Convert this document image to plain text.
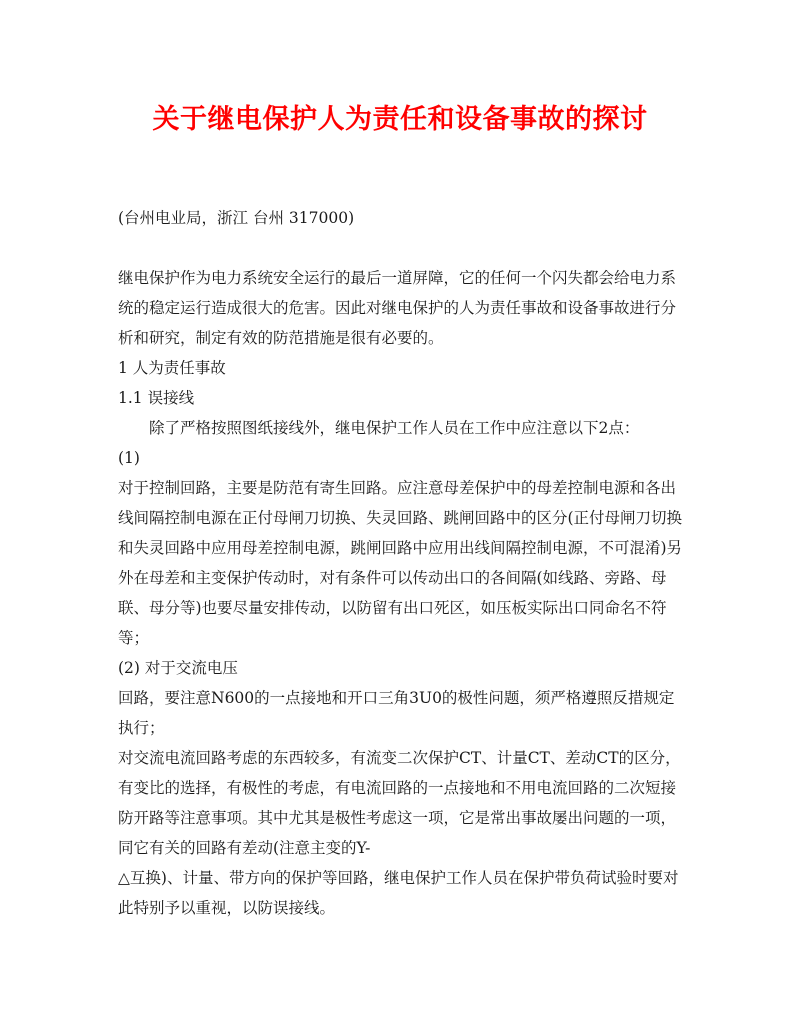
关于继电保护人为责任和设备事故的探讨

(台州电业局，浙江 台州 317000)

继电保护作为电力系统安全运行的最后一道屏障，它的任何一个闪失都会给电力系统的稳定运行造成很大的危害。因此对继电保护的人为责任事故和设备事故进行分析和研究，制定有效的防范措施是很有必要的。

1 人为责任事故

1.1 误接线

除了严格按照图纸接线外，继电保护工作人员在工作中应注意以下2点：

(1)

对于控制回路，主要是防范有寄生回路。应注意母差保护中的母差控制电源和各出线间隔控制电源在正付母闸刀切换、失灵回路、跳闸回路中的区分(正付母闸刀切换和失灵回路中应用母差控制电源，跳闸回路中应用出线间隔控制电源，不可混淆)另外在母差和主变保护传动时，对有条件可以传动出口的各间隔(如线路、旁路、母联、母分等)也要尽量安排传动，以防留有出口死区，如压板实际出口同命名不符等；

(2) 对于交流电压

回路，要注意N600的一点接地和开口三角3U0的极性问题，须严格遵照反措规定执行；

对交流电流回路考虑的东西较多，有流变二次保护CT、计量CT、差动CT的区分，有变比的选择，有极性的考虑，有电流回路的一点接地和不用电流回路的二次短接防开路等注意事项。其中尤其是极性考虑这一项，它是常出事故屡出问题的一项，同它有关的回路有差动(注意主变的Y-

△互换)、计量、带方向的保护等回路，继电保护工作人员在保护带负荷试验时要对此特别予以重视，以防误接线。
